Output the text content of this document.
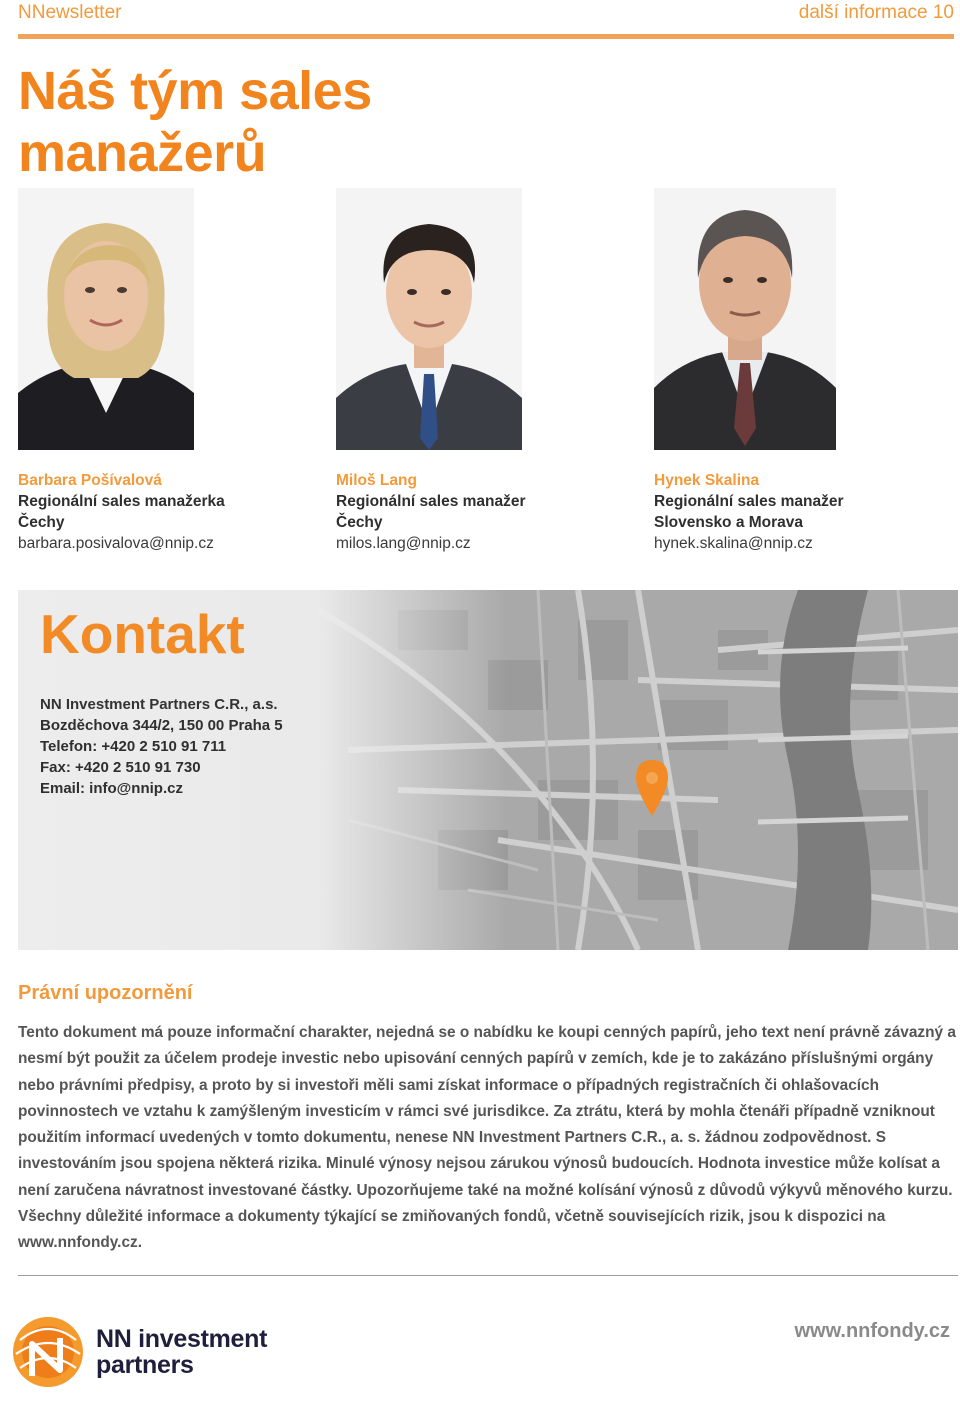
NNewsletter	další informace 10
Náš tým sales
manažerů
Barbara Pošívalová
Regionální sales manažerka
Čechy
barbara.posivalova@nnip.cz
Miloš Lang
Regionální sales manažer
Čechy
milos.lang@nnip.cz
Hynek Skalina
Regionální sales manažer
Slovensko a Morava
hynek.skalina@nnip.cz
Kontakt
NN Investment Partners C.R., a.s.
Bozděchova 344/2, 150 00 Praha 5
Telefon: +420 2 510 91 711
Fax: +420 2 510 91 730
Email: info@nnip.cz
Právní upozornění

Tento dokument má pouze informační charakter, nejedná se o nabídku ke koupi cenných papírů, jeho text není právně závazný a nesmí být použit za účelem prodeje investic nebo upisování cenných papírů v zemích, kde je to zakázáno příslušnými orgány nebo právními předpisy, a proto by si investoři měli sami získat informace o případných registračních či ohlašovacích povinnostech ve vztahu k zamýšleným investicím v rámci své jurisdikce. Za ztrátu, která by mohla čtenáři případně vzniknout použitím informací uvedených v tomto dokumentu, nenese NN Investment Partners C.R., a. s. žádnou zodpovědnost. S investováním jsou spojena některá rizika. Minulé výnosy nejsou zárukou výnosů budoucích. Hodnota investice může kolísat a není zaručena návratnost investované částky. Upozorňujeme také na možné kolísání výnosů z důvodů výkyvů měnového kurzu. Všechny důležité informace a dokumenty týkající se zmiňovaných fondů, včetně souvisejících rizik, jsou k dispozici na www.nnfondy.cz.

NN investment
partners
www.nnfondy.cz
